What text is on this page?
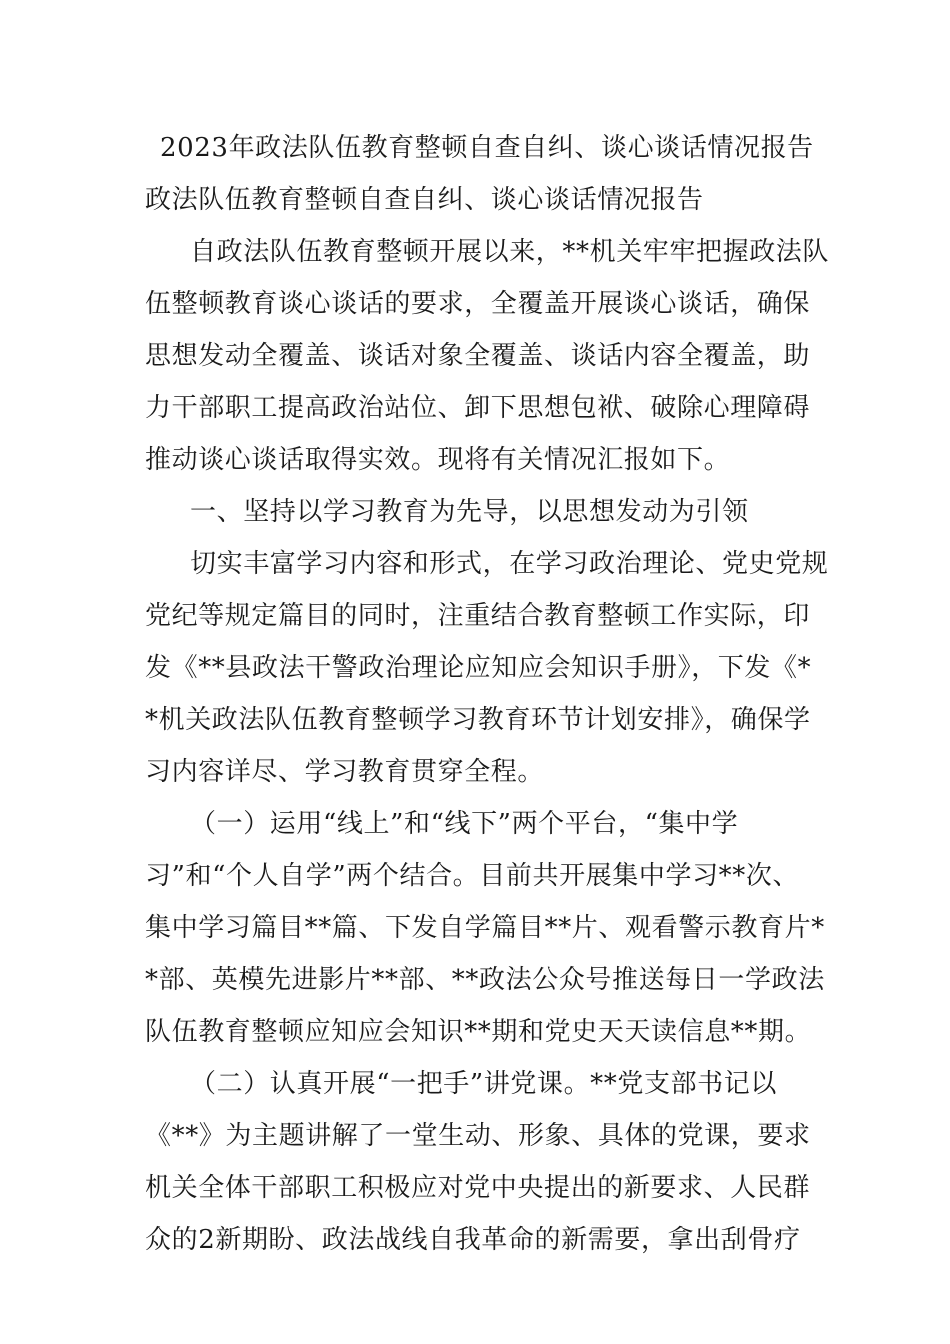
2023年政法队伍教育整顿自查自纠、谈心谈话情况报告
政法队伍教育整顿自查自纠、谈心谈话情况报告
自政法队伍教育整顿开展以来，**机关牢牢把握政法队
伍整顿教育谈心谈话的要求，全覆盖开展谈心谈话，确保
思想发动全覆盖、谈话对象全覆盖、谈话内容全覆盖，助
力干部职工提高政治站位、卸下思想包袱、破除心理障碍
推动谈心谈话取得实效。现将有关情况汇报如下。
一、坚持以学习教育为先导，以思想发动为引领
切实丰富学习内容和形式，在学习政治理论、党史党规
党纪等规定篇目的同时，注重结合教育整顿工作实际，印
发《**县政法干警政治理论应知应会知识手册》，下发《*
*机关政法队伍教育整顿学习教育环节计划安排》，确保学
习内容详尽、学习教育贯穿全程。
（一）运用“线上”和“线下”两个平台，“集中学
习”和“个人自学”两个结合。目前共开展集中学习**次、
集中学习篇目**篇、下发自学篇目**片、观看警示教育片*
*部、英模先进影片**部、**政法公众号推送每日一学政法
队伍教育整顿应知应会知识**期和党史天天读信息**期。
（二）认真开展“一把手”讲党课。**党支部书记以
《**》为主题讲解了一堂生动、形象、具体的党课，要求
机关全体干部职工积极应对党中央提出的新要求、人民群
众的2新期盼、政法战线自我革命的新需要，拿出刮骨疗
